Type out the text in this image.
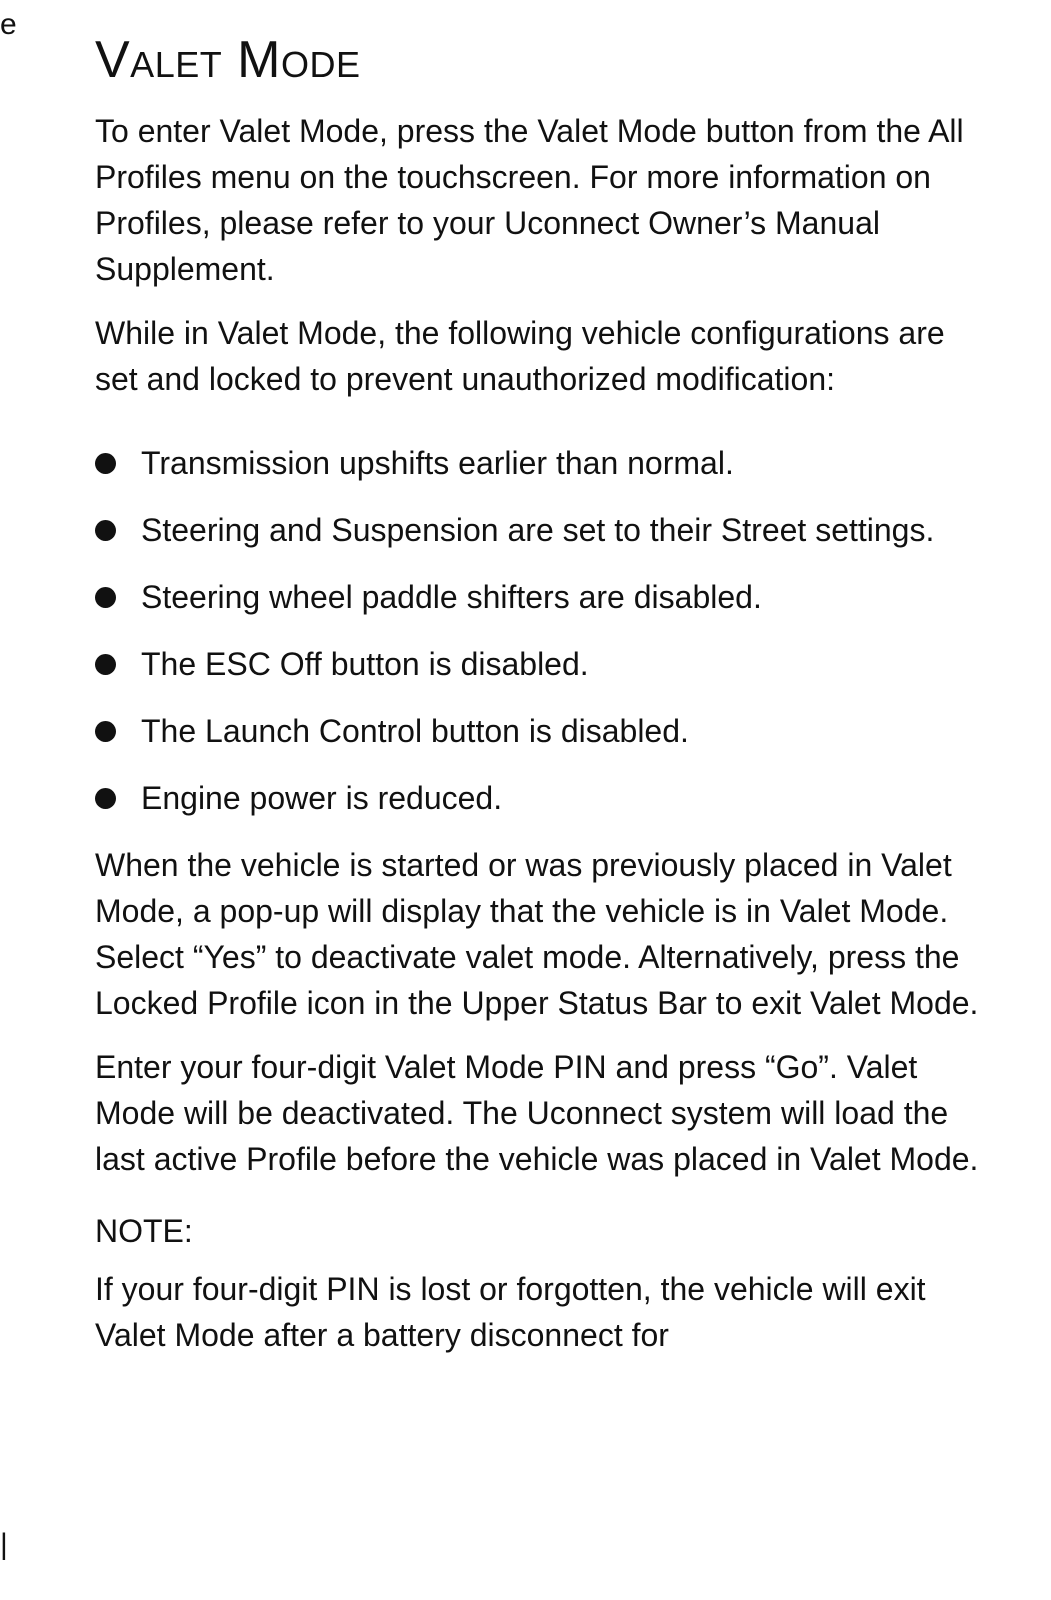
e
|
Valet Mode

To enter Valet Mode, press the Valet Mode button from the All Profiles menu on the touchscreen. For more information on Profiles, please refer to your Uconnect Owner’s Manual Supplement.

While in Valet Mode, the following vehicle configurations are set and locked to prevent unauthorized modification:

Transmission upshifts earlier than normal.
Steering and Suspension are set to their Street settings.
Steering wheel paddle shifters are disabled.
The ESC Off button is disabled.
The Launch Control button is disabled.
Engine power is reduced.

When the vehicle is started or was previously placed in Valet Mode, a pop-up will display that the vehicle is in Valet Mode. Select “Yes” to deactivate valet mode. Alternatively, press the Locked Profile icon in the Upper Status Bar to exit Valet Mode.

Enter your four-digit Valet Mode PIN and press “Go”. Valet Mode will be deactivated. The Uconnect system will load the last active Profile before the vehicle was placed in Valet Mode.

NOTE:

If your four-digit PIN is lost or forgotten, the vehicle will exit Valet Mode after a battery disconnect for
